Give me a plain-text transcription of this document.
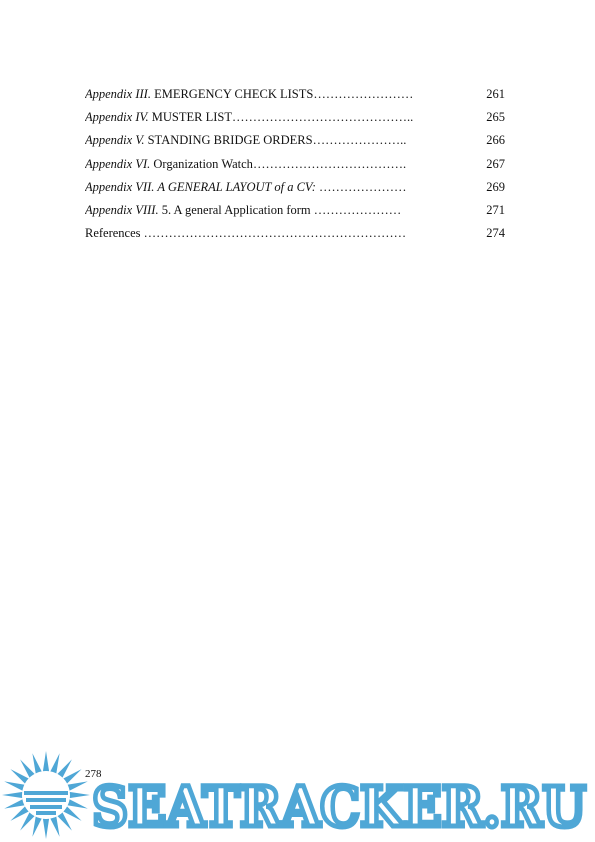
Appendix III. EMERGENCY CHECK LISTS……………………	261
Appendix IV. MUSTER LIST……………………………………..	265
Appendix V. STANDING BRIDGE ORDERS…………………..	266
Appendix VI. Organization Watch……………………………….	267
Appendix VII. A GENERAL LAYOUT of a CV: …………………	269
Appendix VIII. 5. A general Application form …………………	271
References ………………………………………………………	274
278
SEATRACKER.RU
